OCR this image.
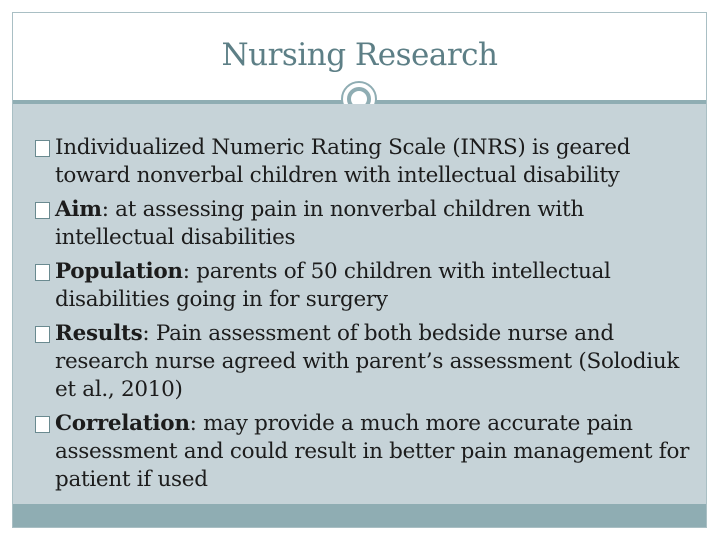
Nursing Research
Individualized Numeric Rating Scale (INRS) is geared toward nonverbal children with intellectual disability
Aim: at assessing pain in nonverbal children with intellectual disabilities
Population: parents of 50 children with intellectual disabilities going in for surgery
Results: Pain assessment of both bedside nurse and research nurse agreed with parent’s assessment (Solodiuk et al., 2010)
Correlation: may provide a much more accurate pain assessment and could result in better pain management for patient if used
